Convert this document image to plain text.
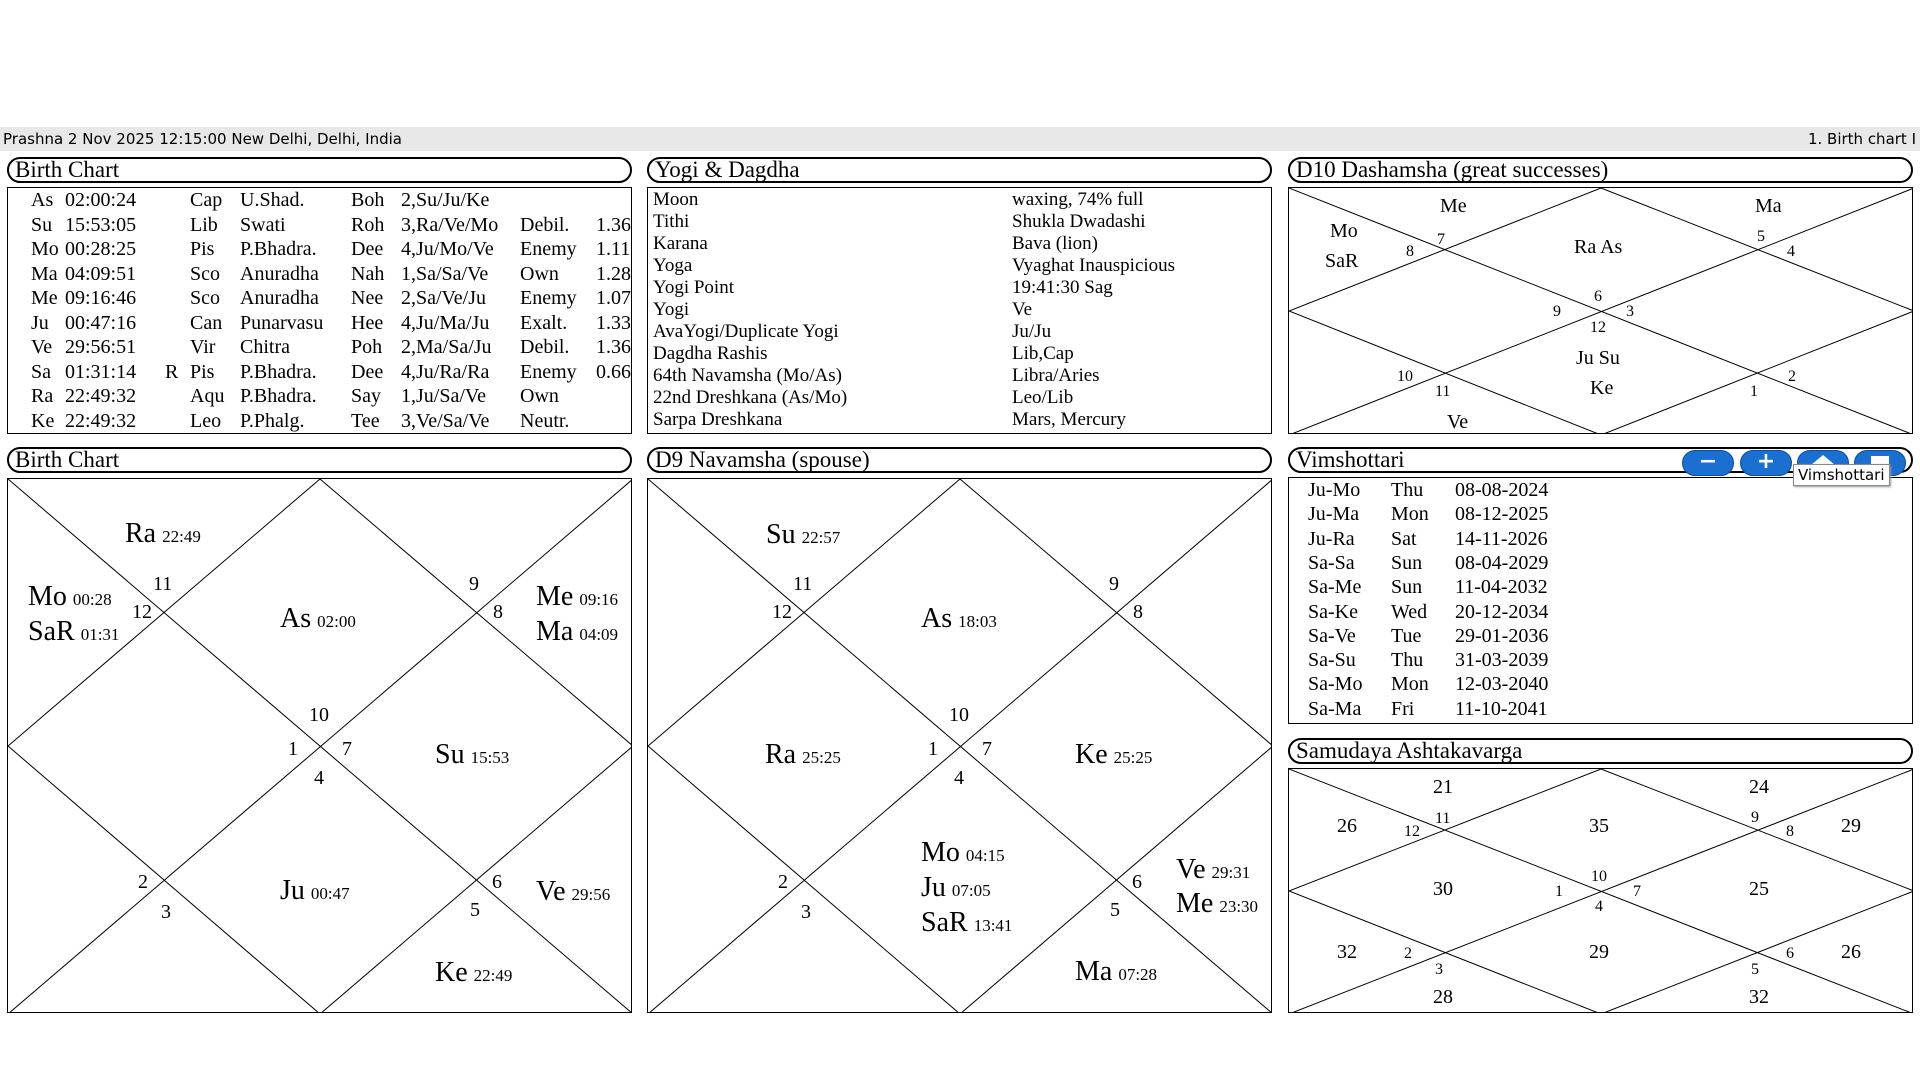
Prashna 2 Nov 2025 12:15:00 New Delhi, Delhi, India	1. Birth chart I
Birth Chart
As 02:00:24	Cap U.Shad. Boh 2,Su/Ju/Ke
Su 15:53:05	Lib Swati	Roh 3,Ra/Ve/Mo Debil. 1.36
Mo 00:28:25	Pis P.Bhadra. Dee 4,Ju/Mo/Ve Enemy 1.11
Ma 04:09:51	Sco Anuradha Nah 1,Sa/Sa/Ve Own 1.28
Me 09:16:46	Sco Anuradha Nee 2,Sa/Ve/Ju Enemy 1.07
Ju 00:47:16	Can Punarvasu Hee 4,Ju/Ma/Ju Exalt. 1.33
Ve 29:56:51	Vir Chitra	Poh 2,Ma/Sa/Ju Debil. 1.36
Sa 01:31:14 R Pis P.Bhadra. Dee 4,Ju/Ra/Ra Enemy 0.66
Ra 22:49:32	Aqu P.Bhadra. Say 1,Ju/Sa/Ve Own
Ke 22:49:32	Leo P.Phalg. Tee 3,Ve/Sa/Ve Neutr.
Yogi & Dagdha
Moon	waxing, 74% full
Tithi	Shukla Dwadashi
Karana	Bava (lion)
Yoga	Vyaghat Inauspicious
Yogi Point	19:41:30 Sag
Yogi	Ve
AvaYogi/Duplicate Yogi	Ju/Ju
Dagdha Rashis	Lib,Cap
64th Navamsha (Mo/As)	Libra/Aries
22nd Dreshkana (As/Mo)	Leo/Lib
Sarpa Dreshkana	Mars, Mercury
D10 Dashamsha (great successes)
Me	Ma
Mo
SaR
Ra As
Ju Su
Ke
Ve
7
8
5
4
6
9	3
12
10
11
2
1
Birth Chart
Ra 22:49
Mo 00:28
SaR 01:31
As 02:00
Me 09:16
Ma 04:09
Su 15:53
Ju 00:47	Ve 29:56
Ke 22:49
11
12
9
8
10
1 7
4
2
3
6
5
D9 Navamsha (spouse)
Su 22:57
As 18:03
Ra 25:25	Ke 25:25
Mo 04:15
Ju 07:05
SaR 13:41
Ve 29:31
Me 23:30
Ma 07:28
11
12
9
8
10
1 7
4
2
3
6
5
Vimshottari	−	+
Ju-Mo Thu 08-08-2024
Ju-Ma Mon 08-12-2025
Ju-Ra Sat 14-11-2026
Sa-Sa Sun 08-04-2029
Sa-Me Sun 11-04-2032
Sa-Ke Wed 20-12-2034
Sa-Ve Tue 29-01-2036
Sa-Su Thu 31-03-2039
Sa-Mo Mon 12-03-2040
Sa-Ma Fri 11-10-2041
Vimshottari
Samudaya Ashtakavarga
21	24
26	35	29
30	25
32	29	26
28	32
11
12
9
8
10
1	7
4
2
3
6
5
